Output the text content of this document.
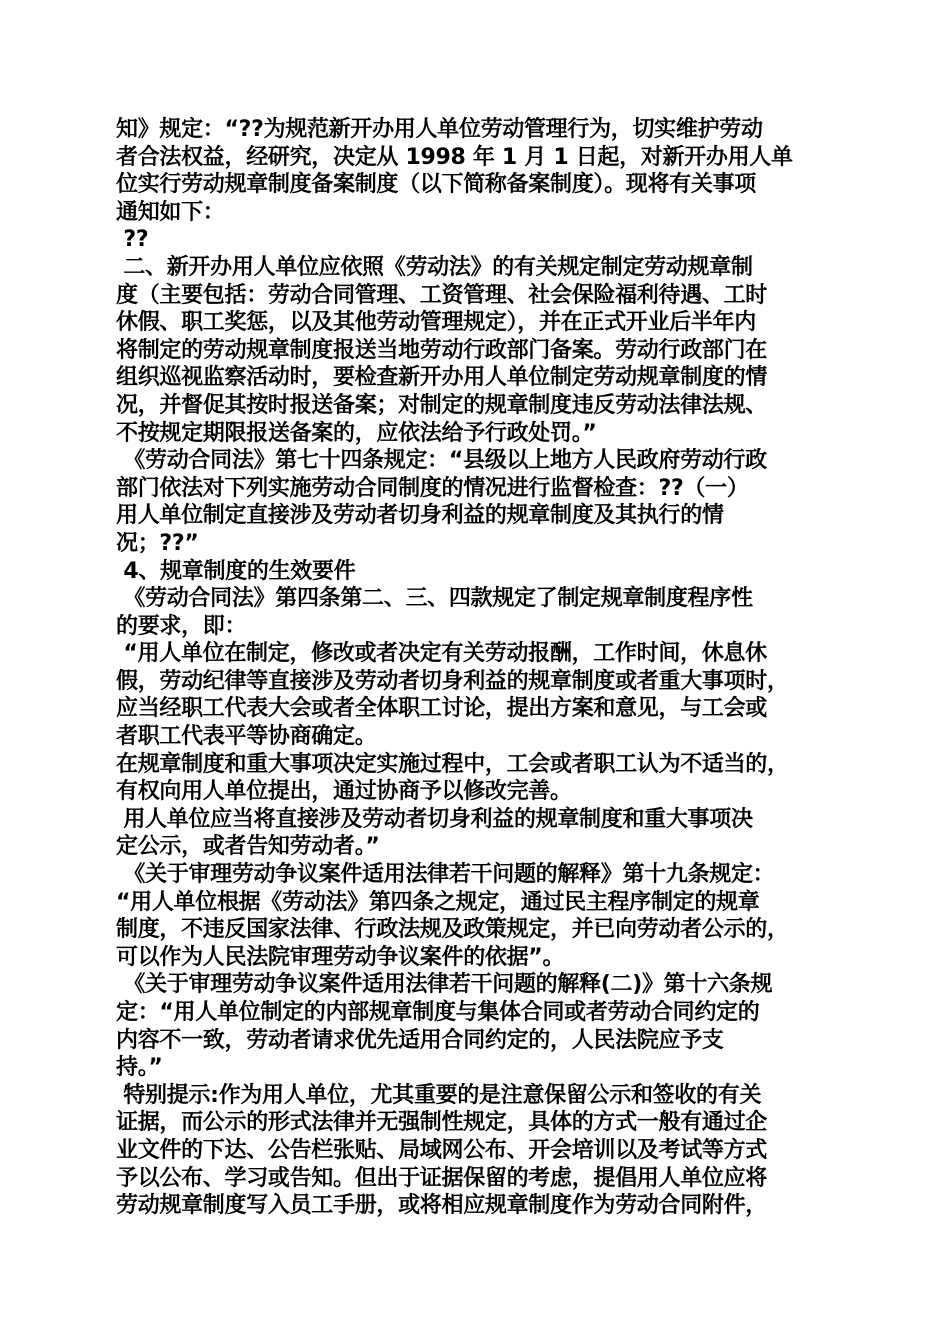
知》规定：“??为规范新开办用人单位劳动管理行为，切实维护劳动
者合法权益，经研究，决定从 1998 年 1 月 1 日起，对新开办用人单
位实行劳动规章制度备案制度（以下简称备案制度）。现将有关事项
通知如下：
??
二、新开办用人单位应依照《劳动法》的有关规定制定劳动规章制
度（主要包括：劳动合同管理、工资管理、社会保险福利待遇、工时
休假、职工奖惩，以及其他劳动管理规定），并在正式开业后半年内
将制定的劳动规章制度报送当地劳动行政部门备案。劳动行政部门在
组织巡视监察活动时，要检查新开办用人单位制定劳动规章制度的情
况，并督促其按时报送备案；对制定的规章制度违反劳动法律法规、
不按规定期限报送备案的，应依法给予行政处罚。”
《劳动合同法》第七十四条规定：“县级以上地方人民政府劳动行政
部门依法对下列实施劳动合同制度的情况进行监督检查：??（一）
用人单位制定直接涉及劳动者切身利益的规章制度及其执行的情
况；??”
4、规章制度的生效要件
《劳动合同法》第四条第二、三、四款规定了制定规章制度程序性
的要求，即：
“用人单位在制定，修改或者决定有关劳动报酬，工作时间，休息休
假，劳动纪律等直接涉及劳动者切身利益的规章制度或者重大事项时，
应当经职工代表大会或者全体职工讨论，提出方案和意见，与工会或
者职工代表平等协商确定。
在规章制度和重大事项决定实施过程中，工会或者职工认为不适当的，
有权向用人单位提出，通过协商予以修改完善。
用人单位应当将直接涉及劳动者切身利益的规章制度和重大事项决
定公示，或者告知劳动者。”
《关于审理劳动争议案件适用法律若干问题的解释》第十九条规定：
“用人单位根据《劳动法》第四条之规定，通过民主程序制定的规章
制度，不违反国家法律、行政法规及政策规定，并已向劳动者公示的，
可以作为人民法院审理劳动争议案件的依据”。
《关于审理劳动争议案件适用法律若干问题的解释(二)》第十六条规
定：“用人单位制定的内部规章制度与集体合同或者劳动合同约定的
内容不一致，劳动者请求优先适用合同约定的，人民法院应予支
持。”
特别提示:作为用人单位，尤其重要的是注意保留公示和签收的有关
证据，而公示的形式法律并无强制性规定，具体的方式一般有通过企
业文件的下达、公告栏张贴、局域网公布、开会培训以及考试等方式
予以公布、学习或告知。但出于证据保留的考虑，提倡用人单位应将
劳动规章制度写入员工手册，或将相应规章制度作为劳动合同附件，
